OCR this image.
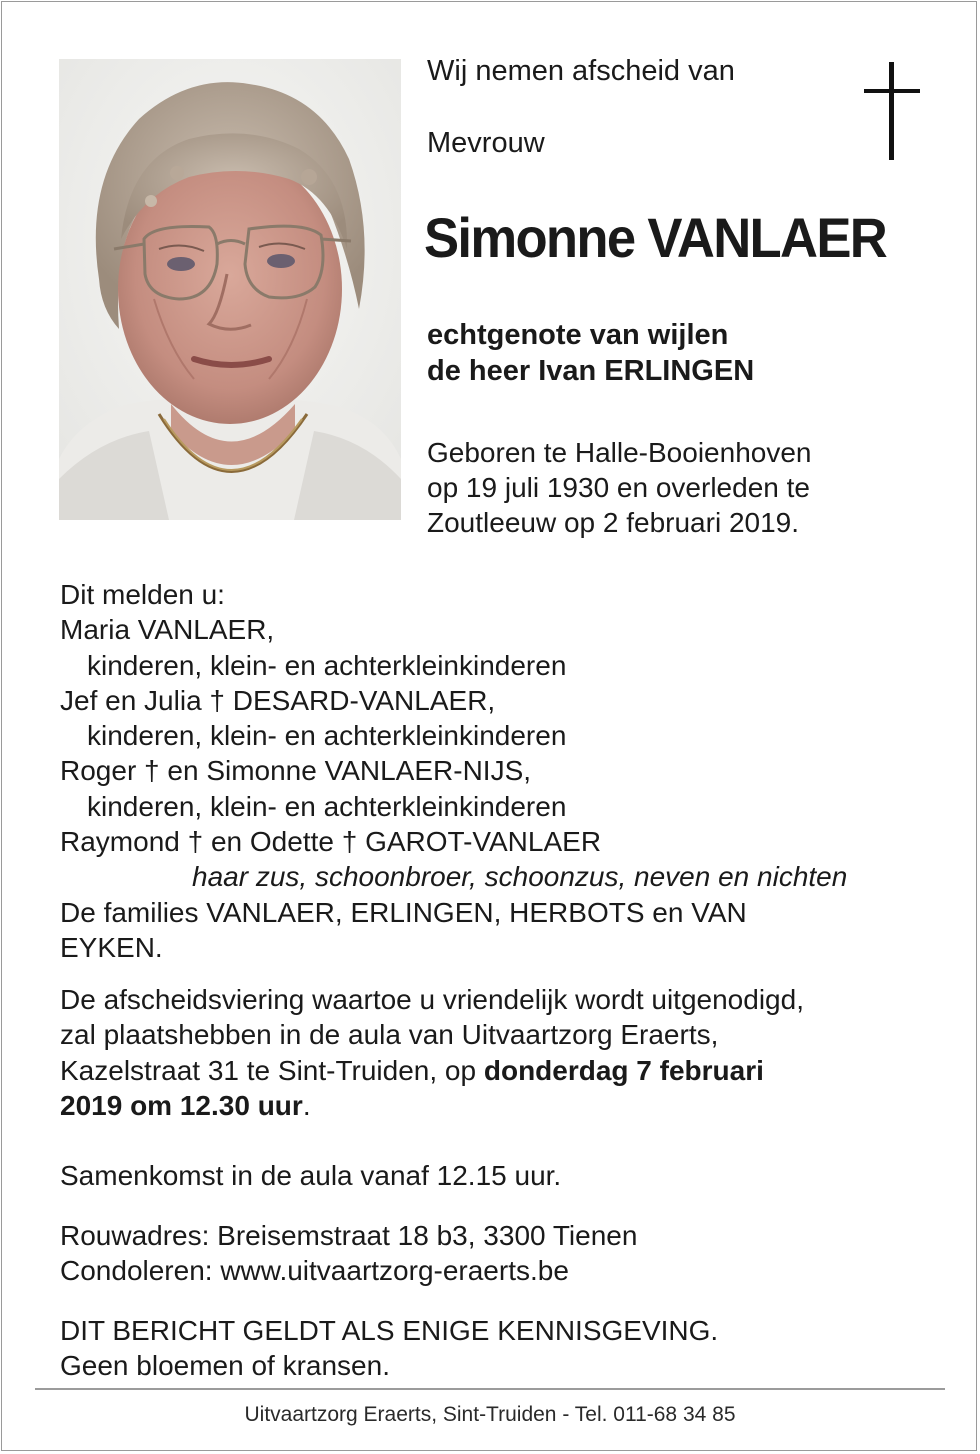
Wij nemen afscheid van

Mevrouw

Simonne VANLAER

echtgenote van wijlen
de heer Ivan ERLINGEN

Geboren te Halle-Booienhoven
op 19 juli 1930 en overleden te
Zoutleeuw op 2 februari 2019.

Dit melden u:
Maria VANLAER,
kinderen, klein- en achterkleinkinderen
Jef en Julia † DESARD-VANLAER,
kinderen, klein- en achterkleinkinderen
Roger † en Simonne VANLAER-NIJS,
kinderen, klein- en achterkleinkinderen
Raymond † en Odette † GAROT-VANLAER
haar zus, schoonbroer, schoonzus, neven en nichten
De families VANLAER, ERLINGEN, HERBOTS en VAN
EYKEN.
De afscheidsviering waartoe u vriendelijk wordt uitgenodigd,
zal plaatshebben in de aula van Uitvaartzorg Eraerts,
Kazelstraat 31 te Sint-Truiden, op donderdag 7 februari
2019 om 12.30 uur.

Samenkomst in de aula vanaf 12.15 uur.

Rouwadres: Breisemstraat 18 b3, 3300 Tienen
Condoleren: www.uitvaartzorg-eraerts.be

DIT BERICHT GELDT ALS ENIGE KENNISGEVING.
Geen bloemen of kransen.

Uitvaartzorg Eraerts, Sint-Truiden - Tel. 011-68 34 85
